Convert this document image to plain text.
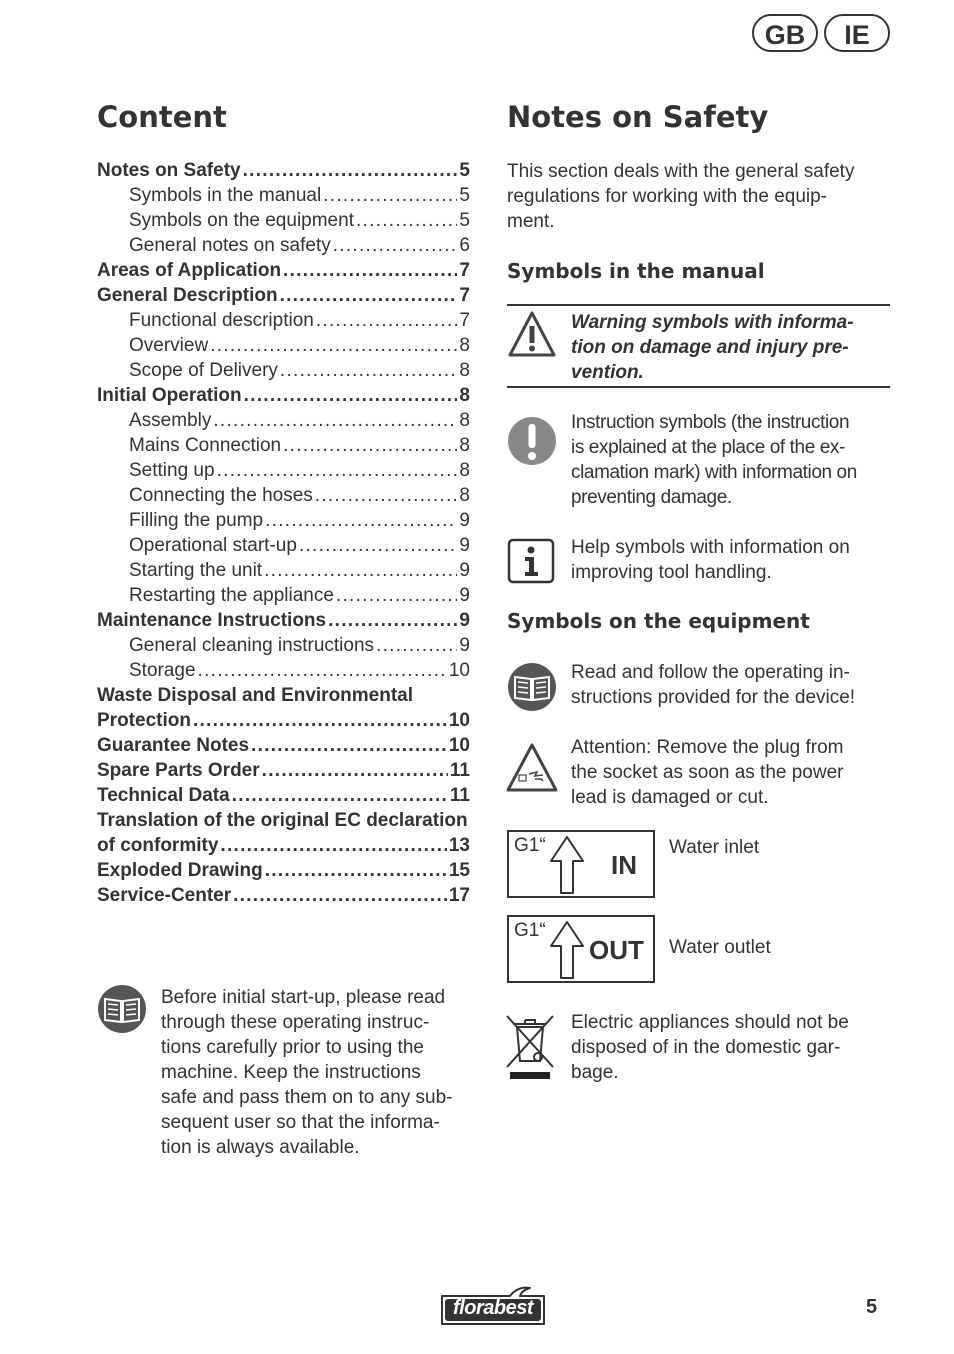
GB	IE
Content
Notes on Safety . . .	5
Symbols in the manual . . .	5
Symbols on the equipment . . .	5
General notes on safety . . .	6
Areas of Application . . .	7
General Description . . .	7
Functional description . . .	7
Overview . . .	8
Scope of Delivery . . .	8
Initial Operation . . .	8
Assembly . . .	8
Mains Connection . . .	8
Setting up . . .	8
Connecting the hoses . . .	8
Filling the pump . . .	9
Operational start-up . . .	9
Starting the unit . . .	9
Restarting the appliance . . .	9
Maintenance Instructions . . .	9
General cleaning instructions . . .	9
Storage . . .	10
Waste Disposal and Environmental
Protection . . .	10
Guarantee Notes . . .	10
Spare Parts Order . . .	11
Technical Data . . .	11
Translation of the original EC declaration
of conformity . . .	13
Exploded Drawing . . .	15
Service-Center . . .	17
Before initial start-up, please read
through these operating instruc-
tions carefully prior to using the
machine. Keep the instructions
safe and pass them on to any sub-
sequent user so that the informa-
tion is always available.
Notes on Safety
This section deals with the general safety
regulations for working with the equip-
ment.
Symbols in the manual
Warning symbols with informa-
tion on damage and injury pre-
vention.
Instruction symbols (the instruction
is explained at the place of the ex-
clamation mark) with information on
preventing damage.
Help symbols with information on
improving tool handling.
Symbols on the equipment
Read and follow the operating in-
structions provided for the device!
Attention: Remove the plug from
the socket as soon as the power
lead is damaged or cut.
G1“
IN
Water inlet
G1“
OUT Water outlet
Electric appliances should not be
disposed of in the domestic gar-
bage.
florabest	5
